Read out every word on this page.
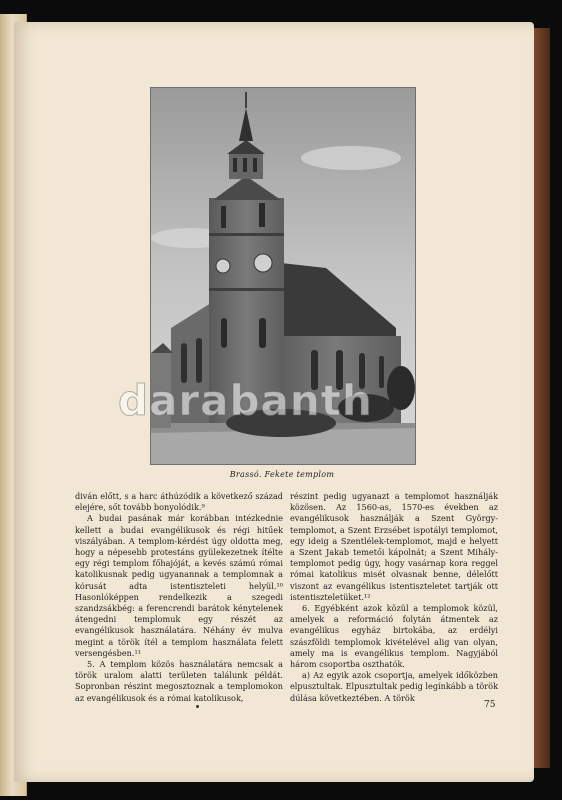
darabanth
Brassó. Fekete templom

diván előtt, s a harc áthúzódik a következő század elejére, sőt tovább bonyolódik.⁹

A budai pasának már korábban intézkednie kellett a budai evangélikusok és régi hitűek viszályában. A templom-kérdést úgy oldotta meg, hogy a népesebb protestáns gyülekezetnek ítélte egy régi templom főhajóját, a kevés számú római katolikusnak pedig ugyanannak a templomnak a kórusát adta istentiszteleti helyül.¹⁰ Hasonlóképpen rendelkezik a szegedi szandzsákbég: a ferencrendi barátok kénytelenek átengedni templomuk egy részét az evangélikusok használatára. Néhány év mulva megint a török ítél a templom használata felett versengésben.¹¹

5. A templom közös használatára nemcsak a török uralom alatti területen találunk példát. Sopronban részint megosztoznak a templomokon az evangélikusok és a római katolikusok,

részint pedig ugyanazt a templomot használják közösen. Az 1560-as, 1570-es években az evangélikusok használják a Szent György-templomot, a Szent Erzsébet ispotályi templomot, egy ideig a Szentlélek-templomot, majd e helyett a Szent Jakab temetői kápolnát; a Szent Mihály-templomot pedig úgy, hogy vasárnap kora reggel római katolikus misét olvasnak benne, délelőtt viszont az evangélikus istentiszteletet tartják ott istentiszteletüket.¹²

6. Egyébként azok közül a templomok közül, amelyek a reformáció folytán átmentek az evangélikus egyház birtokába, az erdélyi szászföldi templomok kivételével alig van olyan, amely ma is evangélikus templom. Nagyjából három csoportba oszthatók.

a) Az egyik azok csoportja, amelyek időközben elpusztultak. Elpusztultak pedig legínkább a török dúlása következtében. A török

75
